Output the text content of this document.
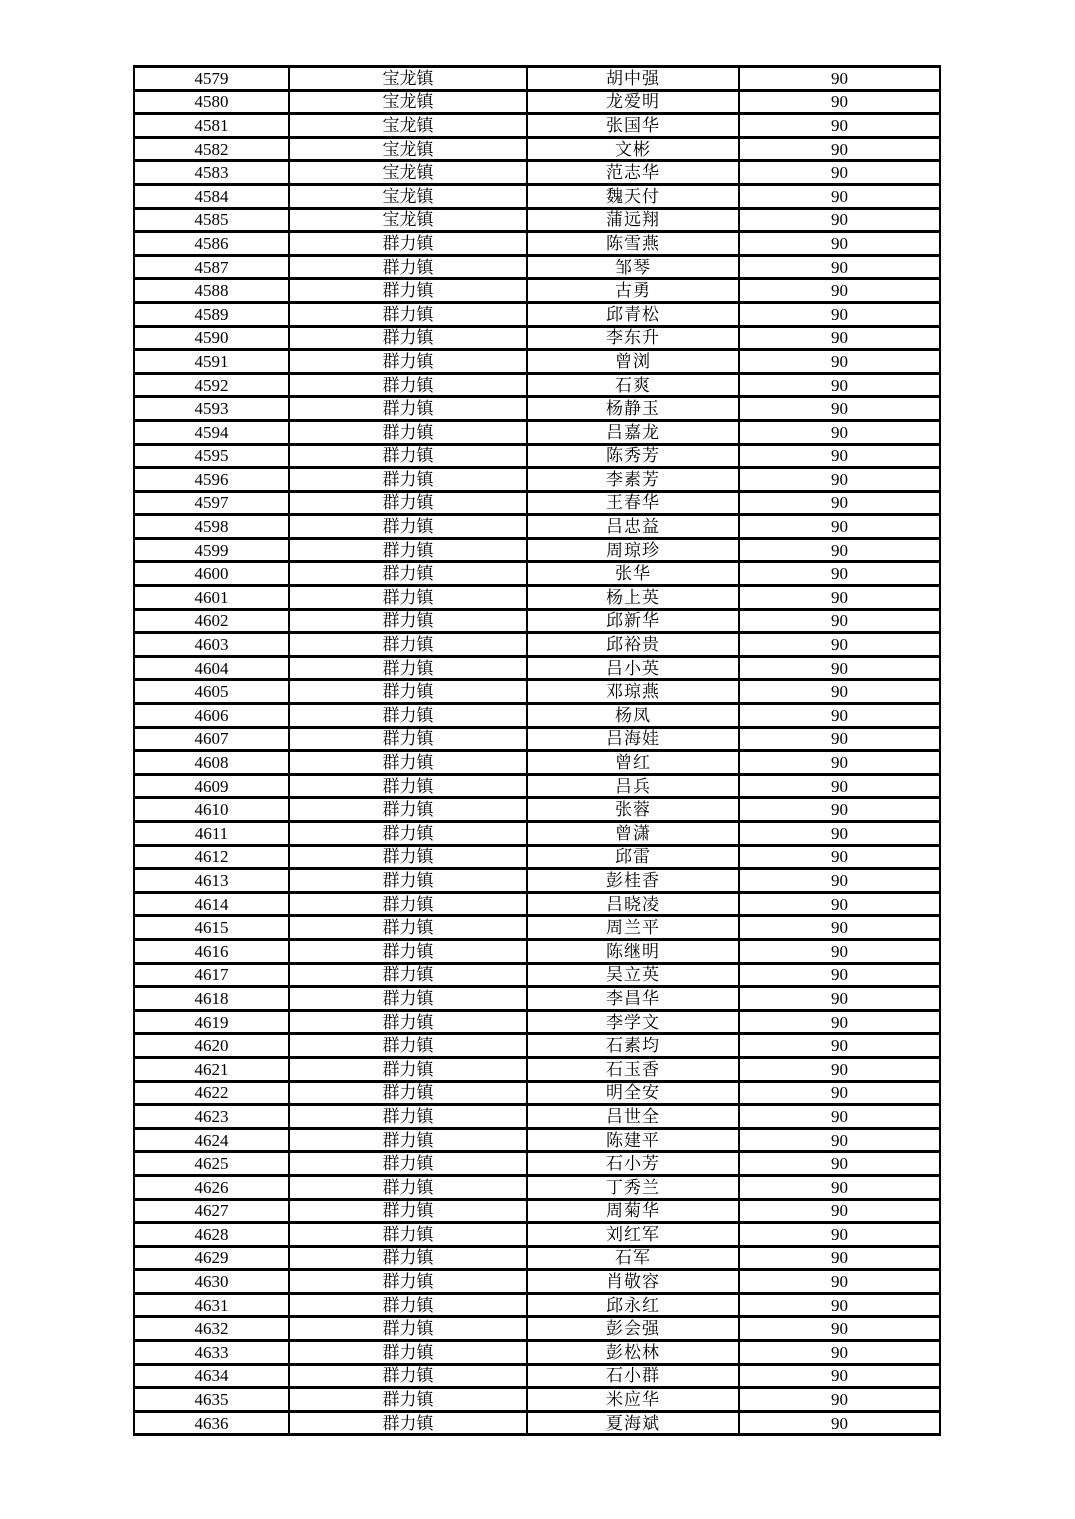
4579	宝龙镇	胡中强	90
4580	宝龙镇	龙爱明	90
4581	宝龙镇	张国华	90
4582	宝龙镇	文彬	90
4583	宝龙镇	范志华	90
4584	宝龙镇	魏天付	90
4585	宝龙镇	蒲远翔	90
4586	群力镇	陈雪燕	90
4587	群力镇	邹琴	90
4588	群力镇	古勇	90
4589	群力镇	邱青松	90
4590	群力镇	李东升	90
4591	群力镇	曾浏	90
4592	群力镇	石爽	90
4593	群力镇	杨静玉	90
4594	群力镇	吕嘉龙	90
4595	群力镇	陈秀芳	90
4596	群力镇	李素芳	90
4597	群力镇	王春华	90
4598	群力镇	吕忠益	90
4599	群力镇	周琼珍	90
4600	群力镇	张华	90
4601	群力镇	杨上英	90
4602	群力镇	邱新华	90
4603	群力镇	邱裕贵	90
4604	群力镇	吕小英	90
4605	群力镇	邓琼燕	90
4606	群力镇	杨凤	90
4607	群力镇	吕海娃	90
4608	群力镇	曾红	90
4609	群力镇	吕兵	90
4610	群力镇	张蓉	90
4611	群力镇	曾潇	90
4612	群力镇	邱雷	90
4613	群力镇	彭桂香	90
4614	群力镇	吕晓凌	90
4615	群力镇	周兰平	90
4616	群力镇	陈继明	90
4617	群力镇	吴立英	90
4618	群力镇	李昌华	90
4619	群力镇	李学文	90
4620	群力镇	石素均	90
4621	群力镇	石玉香	90
4622	群力镇	明全安	90
4623	群力镇	吕世全	90
4624	群力镇	陈建平	90
4625	群力镇	石小芳	90
4626	群力镇	丁秀兰	90
4627	群力镇	周菊华	90
4628	群力镇	刘红军	90
4629	群力镇	石军	90
4630	群力镇	肖敬容	90
4631	群力镇	邱永红	90
4632	群力镇	彭会强	90
4633	群力镇	彭松林	90
4634	群力镇	石小群	90
4635	群力镇	米应华	90
4636	群力镇	夏海斌	90
